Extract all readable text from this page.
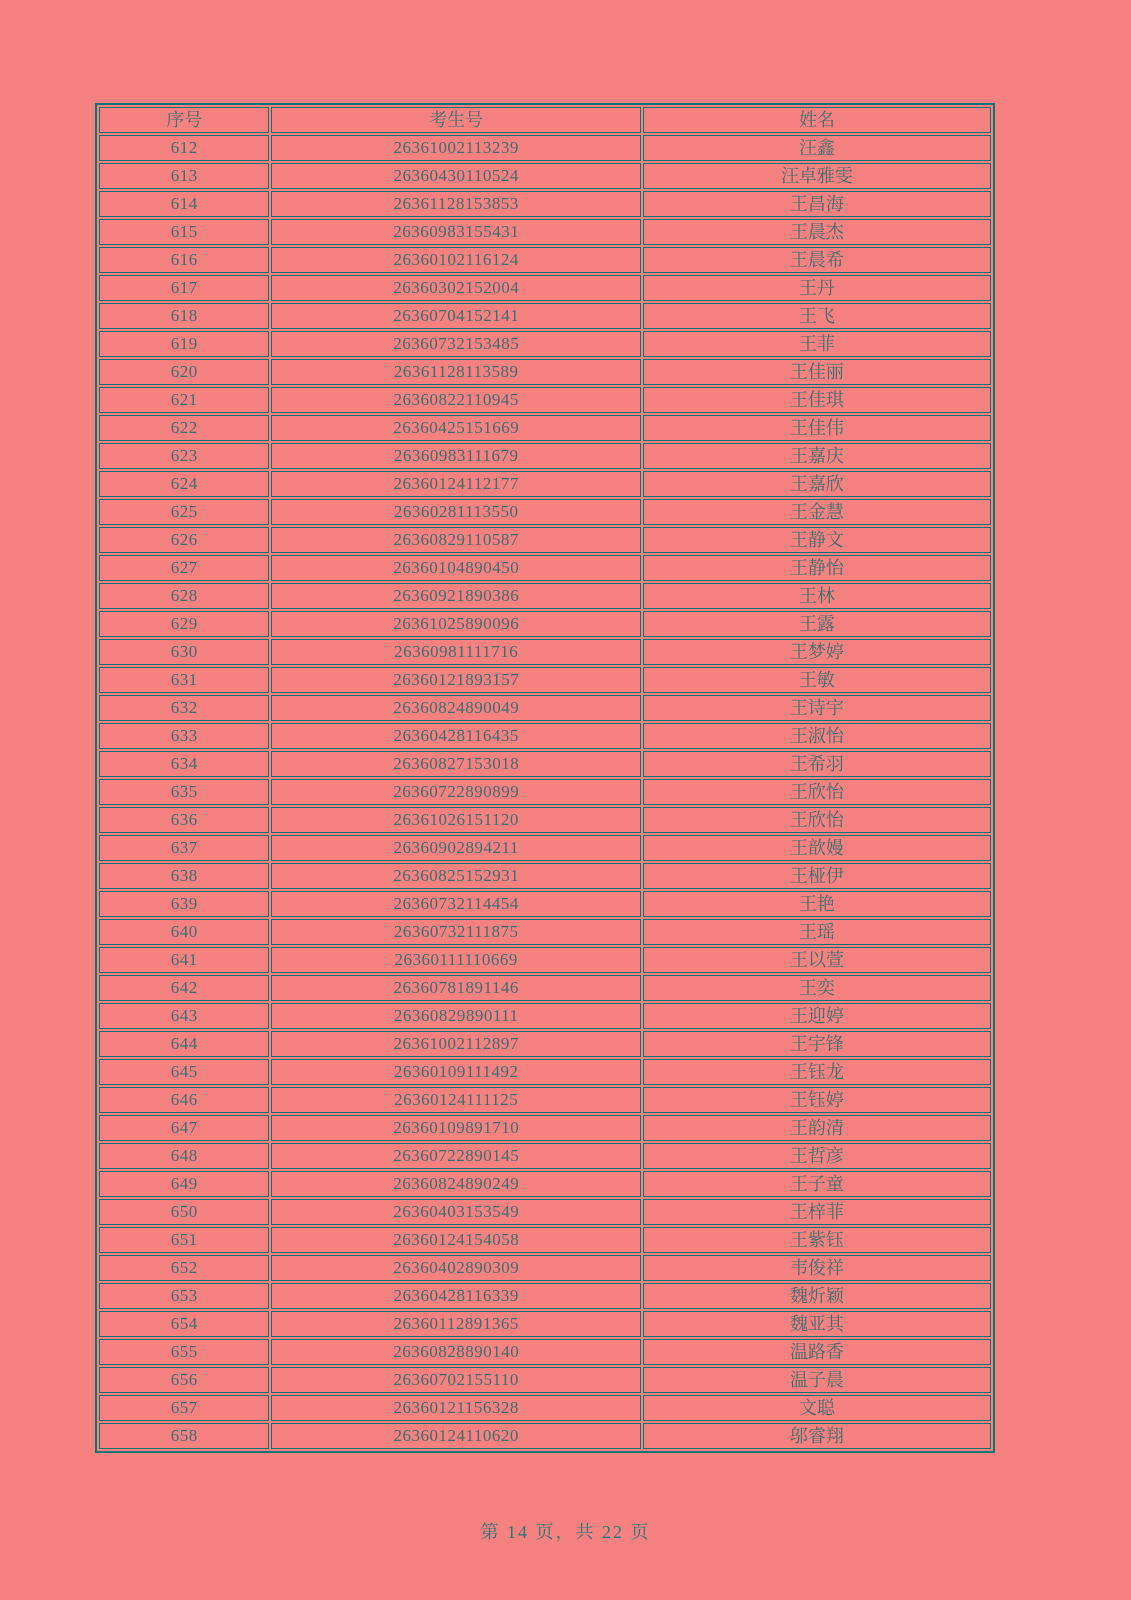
序号	考生号	姓名
612	26361002113239	汪鑫
613	26360430110524	汪卓雅雯
614	26361128153853	王昌海
615	26360983155431	王晨杰
616	26360102116124	王晨希
617	26360302152004	王丹
618	26360704152141	王飞
619	26360732153485	王菲
620	26361128113589	王佳丽
621	26360822110945	王佳琪
622	26360425151669	王佳伟
623	26360983111679	王嘉庆
624	26360124112177	王嘉欣
625	26360281113550	王金慧
626	26360829110587	王静文
627	26360104890450	王静怡
628	26360921890386	王林
629	26361025890096	王露
630	26360981111716	王梦婷
631	26360121893157	王敏
632	26360824890049	王诗宇
633	26360428116435	王淑怡
634	26360827153018	王希羽
635	26360722890899	王欣怡
636	26361026151120	王欣怡
637	26360902894211	王歆嫚
638	26360825152931	王桠伊
639	26360732114454	王艳
640	26360732111875	王瑶
641	26360111110669	王以萱
642	26360781891146	王奕
643	26360829890111	王迎婷
644	26361002112897	王宇锋
645	26360109111492	王钰龙
646	26360124111125	王钰婷
647	26360109891710	王韵清
648	26360722890145	王哲彦
649	26360824890249	王子童
650	26360403153549	王梓菲
651	26360124154058	王紫钰
652	26360402890309	韦俊祥
653	26360428116339	魏炘颖
654	26360112891365	魏亚其
655	26360828890140	温路香
656	26360702155110	温子晨
657	26360121156328	文聪
658	26360124110620	邬睿翔
第 14 页，共 22 页
